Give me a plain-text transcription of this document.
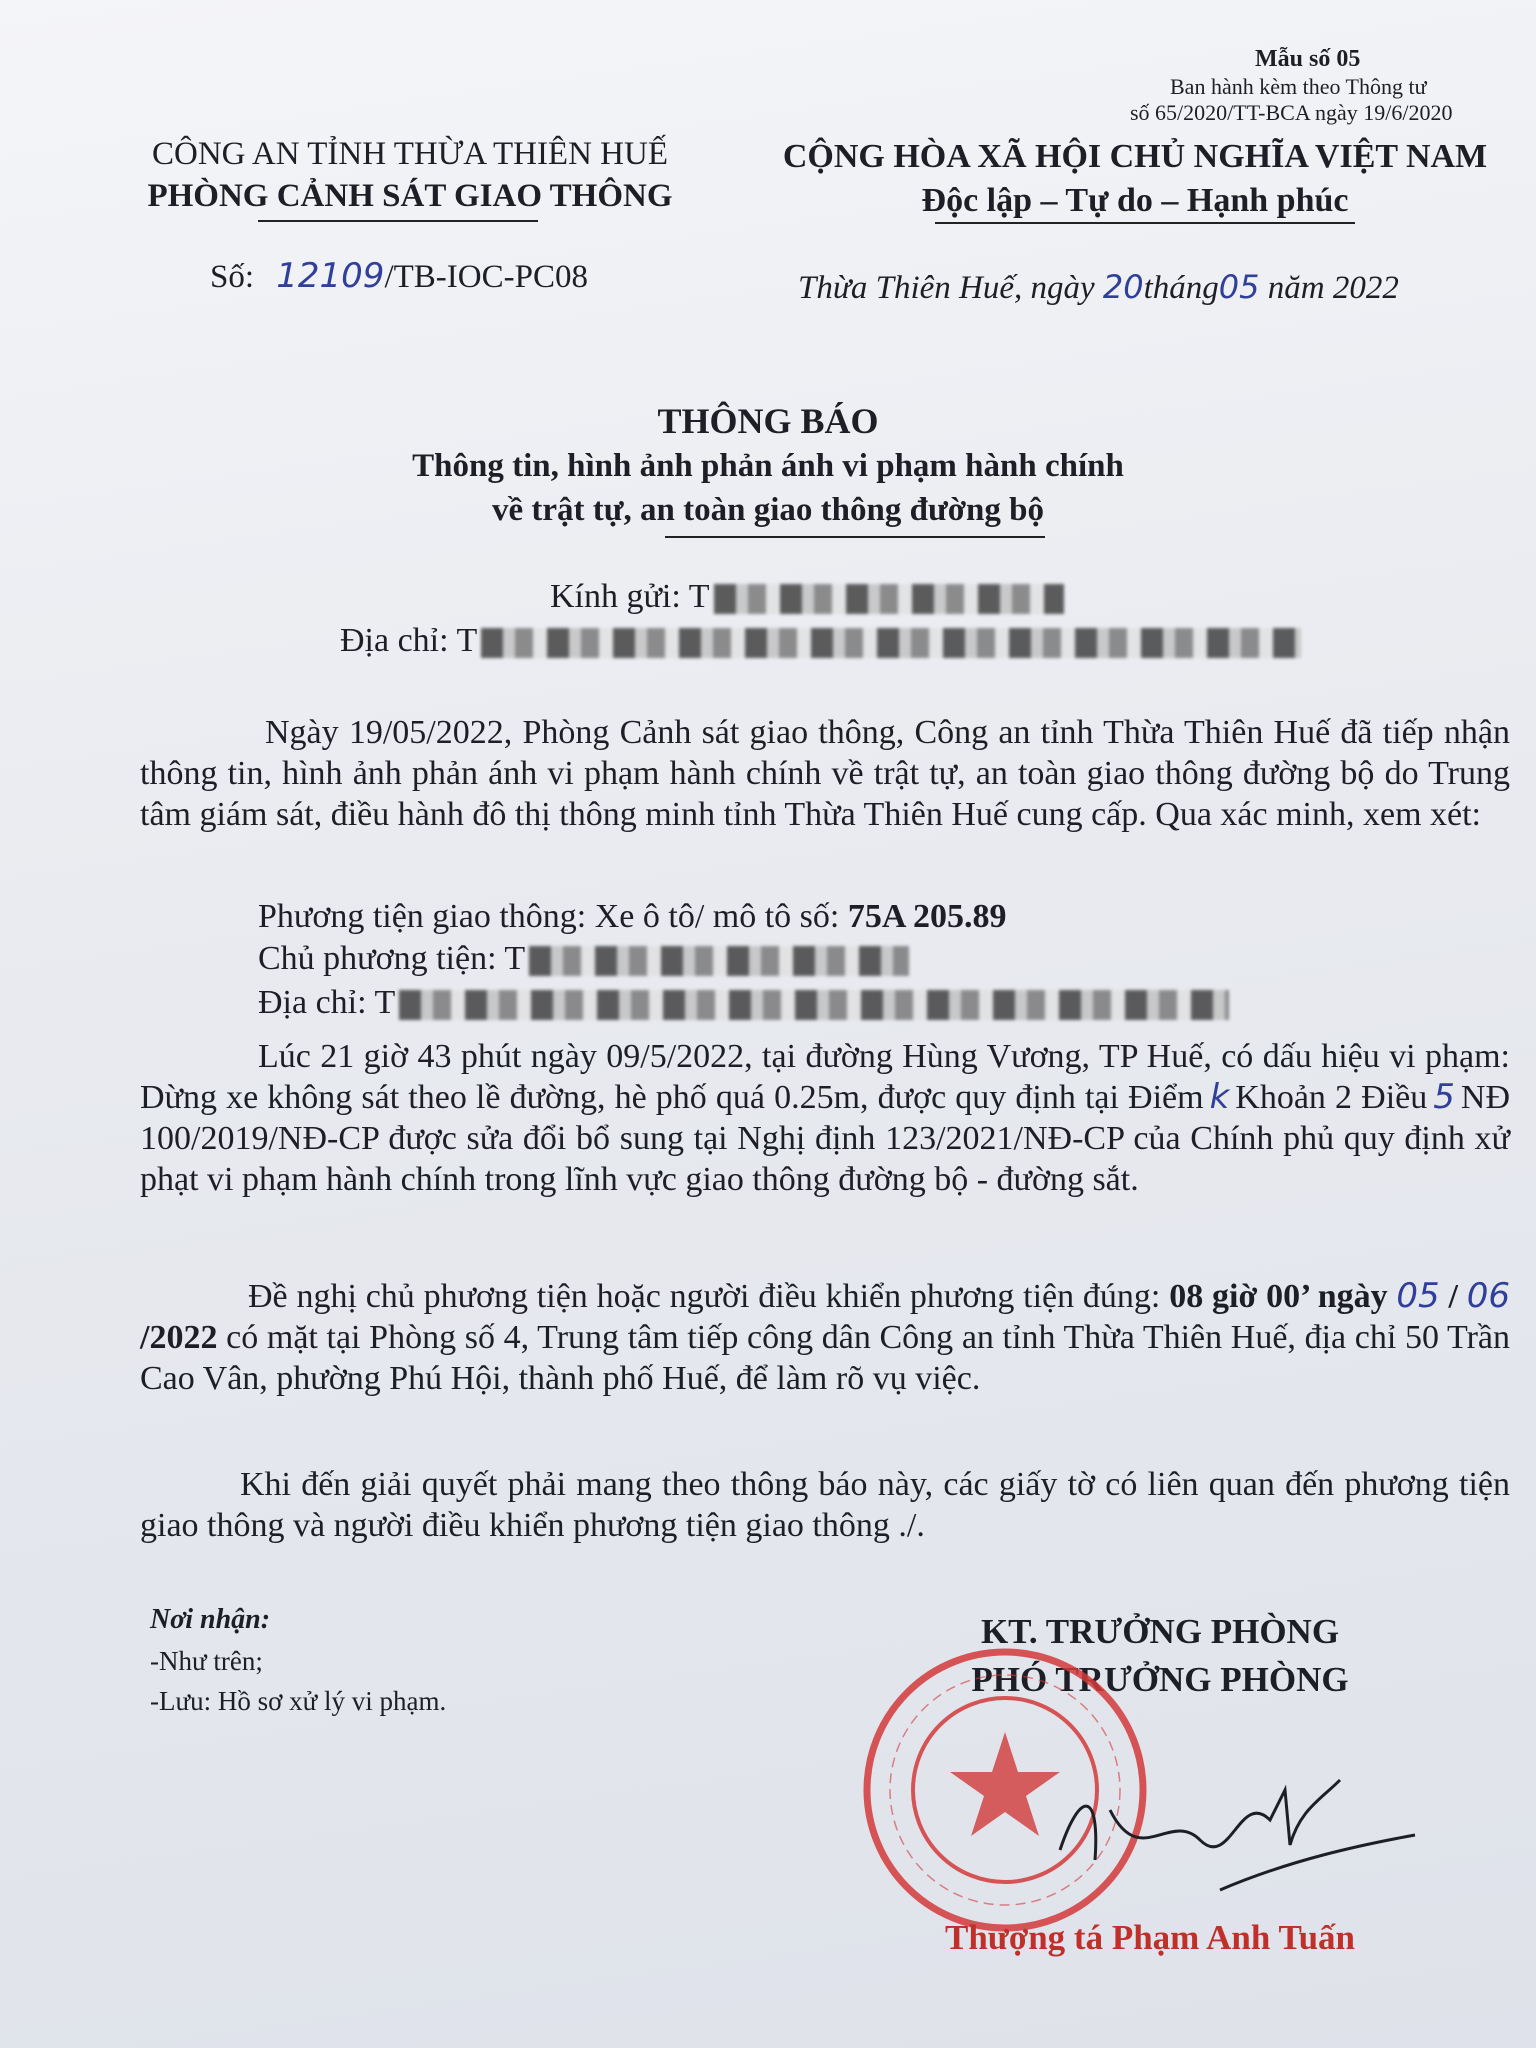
Mẫu số 05
Ban hành kèm theo Thông tư
số 65/2020/TT-BCA ngày 19/6/2020
CÔNG AN TỈNH THỪA THIÊN HUẾ
PHÒNG CẢNH SÁT GIAO THÔNG
Số: 12109/TB-IOC-PC08
CỘNG HÒA XÃ HỘI CHỦ NGHĨA VIỆT NAM
Độc lập – Tự do – Hạnh phúc
Thừa Thiên Huế, ngày 20tháng05 năm 2022
THÔNG BÁO
Thông tin, hình ảnh phản ánh vi phạm hành chính
về trật tự, an toàn giao thông đường bộ
Kính gửi: T
Địa chỉ: T
Ngày 19/05/2022, Phòng Cảnh sát giao thông, Công an tỉnh Thừa Thiên Huế đã tiếp nhận thông tin, hình ảnh phản ánh vi phạm hành chính về trật tự, an toàn giao thông đường bộ do Trung tâm giám sát, điều hành đô thị thông minh tỉnh Thừa Thiên Huế cung cấp. Qua xác minh, xem xét:
Phương tiện giao thông: Xe ô tô/ mô tô số: 75A 205.89
Chủ phương tiện: T
Địa chỉ: T
Lúc 21 giờ 43 phút ngày 09/5/2022, tại đường Hùng Vương, TP Huế, có dấu hiệu vi phạm: Dừng xe không sát theo lề đường, hè phố quá 0.25m, được quy định tại Điểm k Khoản 2 Điều 5 NĐ 100/2019/NĐ-CP được sửa đổi bổ sung tại Nghị định 123/2021/NĐ-CP của Chính phủ quy định xử phạt vi phạm hành chính trong lĩnh vực giao thông đường bộ - đường sắt.
Đề nghị chủ phương tiện hoặc người điều khiển phương tiện đúng: 08 giờ 00’ ngày 05 / 06 /2022 có mặt tại Phòng số 4, Trung tâm tiếp công dân Công an tỉnh Thừa Thiên Huế, địa chỉ 50 Trần Cao Vân, phường Phú Hội, thành phố Huế, để làm rõ vụ việc.
Khi đến giải quyết phải mang theo thông báo này, các giấy tờ có liên quan đến phương tiện giao thông và người điều khiển phương tiện giao thông ./.
Nơi nhận:
-Như trên;
-Lưu: Hồ sơ xử lý vi phạm.
KT. TRƯỞNG PHÒNG
PHÓ TRƯỞNG PHÒNG
Thượng tá Phạm Anh Tuấn
